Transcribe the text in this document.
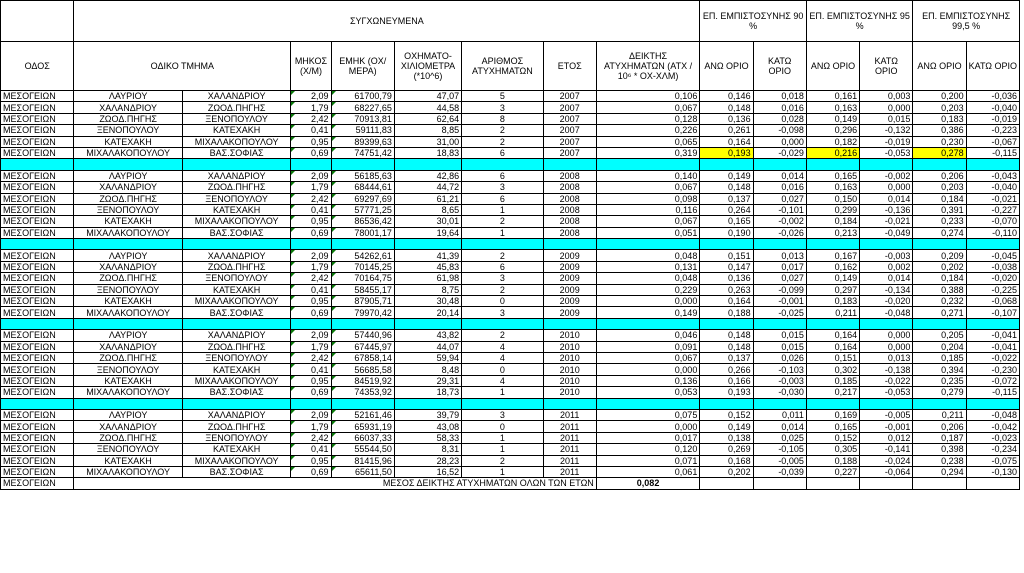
	ΣΥΓΧΩΝΕΥΜΕΝΑ								ΕΠ. ΕΜΠΙΣΤΟΣΥΝΗΣ 90 %		ΕΠ. ΕΜΠΙΣΤΟΣΥΝΗΣ 95 %		ΕΠ. ΕΜΠΙΣΤΟΣΥΝΗΣ 99,5 %	
ΟΔΟΣ	ΟΔΙΚΟ ΤΜΗΜΑ		ΜΗΚΟΣ (Χ/Μ)	ΕΜΗΚ (ΟΧ/ΜΕΡΑ)	ΟΧΗΜΑΤΟ-ΧΙΛΙΟΜΕΤΡΑ (*10^6)	ΑΡΙΘΜΟΣ ΑΤΥΧΗΜΑΤΩΝ	ΕΤΟΣ	ΔΕΙΚΤΗΣ ΑΤΥΧΗΜΑΤΩΝ (ΑΤΧ / 10⁶ * ΟΧ-ΧΛΜ)	ΑΝΩ ΟΡΙΟ	ΚΑΤΩ ΟΡΙΟ	ΑΝΩ ΟΡΙΟ	ΚΑΤΩ ΟΡΙΟ	ΑΝΩ ΟΡΙΟ	ΚΑΤΩ ΟΡΙΟ
ΜΕΣΟΓΕΙΩΝ	ΛΑΥΡΙΟΥ	ΧΑΛΑΝΔΡΙΟΥ	2,09	61700,79	47,07	5	2007	0,106	0,146	0,018	0,161	0,003	0,200	-0,036
ΜΕΣΟΓΕΙΩΝ	ΧΑΛΑΝΔΡΙΟΥ	ΖΩΟΔ.ΠΗΓΗΣ	1,79	68227,65	44,58	3	2007	0,067	0,148	0,016	0,163	0,000	0,203	-0,040
ΜΕΣΟΓΕΙΩΝ	ΖΩΟΔ.ΠΗΓΗΣ	ΞΕΝΟΠΟΥΛΟΥ	2,42	70913,81	62,64	8	2007	0,128	0,136	0,028	0,149	0,015	0,183	-0,019
ΜΕΣΟΓΕΙΩΝ	ΞΕΝΟΠΟΥΛΟΥ	ΚΑΤΕΧΑΚΗ	0,41	59111,83	8,85	2	2007	0,226	0,261	-0,098	0,296	-0,132	0,386	-0,223
ΜΕΣΟΓΕΙΩΝ	ΚΑΤΕΧΑΚΗ	ΜΙΧΑΛΑΚΟΠΟΥΛΟΥ	0,95	89399,63	31,00	2	2007	0,065	0,164	0,000	0,182	-0,019	0,230	-0,067
ΜΕΣΟΓΕΙΩΝ	ΜΙΧΑΛΑΚΟΠΟΥΛΟΥ	ΒΑΣ.ΣΟΦΙΑΣ	0,69	74751,42	18,83	6	2007	0,319	0,193	-0,029	0,216	-0,053	0,278	-0,115

ΜΕΣΟΓΕΙΩΝ	ΛΑΥΡΙΟΥ	ΧΑΛΑΝΔΡΙΟΥ	2,09	56185,63	42,86	6	2008	0,140	0,149	0,014	0,165	-0,002	0,206	-0,043
ΜΕΣΟΓΕΙΩΝ	ΧΑΛΑΝΔΡΙΟΥ	ΖΩΟΔ.ΠΗΓΗΣ	1,79	68444,61	44,72	3	2008	0,067	0,148	0,016	0,163	0,000	0,203	-0,040
ΜΕΣΟΓΕΙΩΝ	ΖΩΟΔ.ΠΗΓΗΣ	ΞΕΝΟΠΟΥΛΟΥ	2,42	69297,69	61,21	6	2008	0,098	0,137	0,027	0,150	0,014	0,184	-0,021
ΜΕΣΟΓΕΙΩΝ	ΞΕΝΟΠΟΥΛΟΥ	ΚΑΤΕΧΑΚΗ	0,41	57771,25	8,65	1	2008	0,116	0,264	-0,101	0,299	-0,136	0,391	-0,227
ΜΕΣΟΓΕΙΩΝ	ΚΑΤΕΧΑΚΗ	ΜΙΧΑΛΑΚΟΠΟΥΛΟΥ	0,95	86536,42	30,01	2	2008	0,067	0,165	-0,002	0,184	-0,021	0,233	-0,070
ΜΕΣΟΓΕΙΩΝ	ΜΙΧΑΛΑΚΟΠΟΥΛΟΥ	ΒΑΣ.ΣΟΦΙΑΣ	0,69	78001,17	19,64	1	2008	0,051	0,190	-0,026	0,213	-0,049	0,274	-0,110

ΜΕΣΟΓΕΙΩΝ	ΛΑΥΡΙΟΥ	ΧΑΛΑΝΔΡΙΟΥ	2,09	54262,61	41,39	2	2009	0,048	0,151	0,013	0,167	-0,003	0,209	-0,045
ΜΕΣΟΓΕΙΩΝ	ΧΑΛΑΝΔΡΙΟΥ	ΖΩΟΔ.ΠΗΓΗΣ	1,79	70145,25	45,83	6	2009	0,131	0,147	0,017	0,162	0,002	0,202	-0,038
ΜΕΣΟΓΕΙΩΝ	ΖΩΟΔ.ΠΗΓΗΣ	ΞΕΝΟΠΟΥΛΟΥ	2,42	70164,75	61,98	3	2009	0,048	0,136	0,027	0,149	0,014	0,184	-0,020
ΜΕΣΟΓΕΙΩΝ	ΞΕΝΟΠΟΥΛΟΥ	ΚΑΤΕΧΑΚΗ	0,41	58455,17	8,75	2	2009	0,229	0,263	-0,099	0,297	-0,134	0,388	-0,225
ΜΕΣΟΓΕΙΩΝ	ΚΑΤΕΧΑΚΗ	ΜΙΧΑΛΑΚΟΠΟΥΛΟΥ	0,95	87905,71	30,48	0	2009	0,000	0,164	-0,001	0,183	-0,020	0,232	-0,068
ΜΕΣΟΓΕΙΩΝ	ΜΙΧΑΛΑΚΟΠΟΥΛΟΥ	ΒΑΣ.ΣΟΦΙΑΣ	0,69	79970,42	20,14	3	2009	0,149	0,188	-0,025	0,211	-0,048	0,271	-0,107

ΜΕΣΟΓΕΙΩΝ	ΛΑΥΡΙΟΥ	ΧΑΛΑΝΔΡΙΟΥ	2,09	57440,96	43,82	2	2010	0,046	0,148	0,015	0,164	0,000	0,205	-0,041
ΜΕΣΟΓΕΙΩΝ	ΧΑΛΑΝΔΡΙΟΥ	ΖΩΟΔ.ΠΗΓΗΣ	1,79	67445,97	44,07	4	2010	0,091	0,148	0,015	0,164	0,000	0,204	-0,041
ΜΕΣΟΓΕΙΩΝ	ΖΩΟΔ.ΠΗΓΗΣ	ΞΕΝΟΠΟΥΛΟΥ	2,42	67858,14	59,94	4	2010	0,067	0,137	0,026	0,151	0,013	0,185	-0,022
ΜΕΣΟΓΕΙΩΝ	ΞΕΝΟΠΟΥΛΟΥ	ΚΑΤΕΧΑΚΗ	0,41	56685,58	8,48	0	2010	0,000	0,266	-0,103	0,302	-0,138	0,394	-0,230
ΜΕΣΟΓΕΙΩΝ	ΚΑΤΕΧΑΚΗ	ΜΙΧΑΛΑΚΟΠΟΥΛΟΥ	0,95	84519,92	29,31	4	2010	0,136	0,166	-0,003	0,185	-0,022	0,235	-0,072
ΜΕΣΟΓΕΙΩΝ	ΜΙΧΑΛΑΚΟΠΟΥΛΟΥ	ΒΑΣ.ΣΟΦΙΑΣ	0,69	74353,92	18,73	1	2010	0,053	0,193	-0,030	0,217	-0,053	0,279	-0,115

ΜΕΣΟΓΕΙΩΝ	ΛΑΥΡΙΟΥ	ΧΑΛΑΝΔΡΙΟΥ	2,09	52161,46	39,79	3	2011	0,075	0,152	0,011	0,169	-0,005	0,211	-0,048
ΜΕΣΟΓΕΙΩΝ	ΧΑΛΑΝΔΡΙΟΥ	ΖΩΟΔ.ΠΗΓΗΣ	1,79	65931,19	43,08	0	2011	0,000	0,149	0,014	0,165	-0,001	0,206	-0,042
ΜΕΣΟΓΕΙΩΝ	ΖΩΟΔ.ΠΗΓΗΣ	ΞΕΝΟΠΟΥΛΟΥ	2,42	66037,33	58,33	1	2011	0,017	0,138	0,025	0,152	0,012	0,187	-0,023
ΜΕΣΟΓΕΙΩΝ	ΞΕΝΟΠΟΥΛΟΥ	ΚΑΤΕΧΑΚΗ	0,41	55544,50	8,31	1	2011	0,120	0,269	-0,105	0,305	-0,141	0,398	-0,234
ΜΕΣΟΓΕΙΩΝ	ΚΑΤΕΧΑΚΗ	ΜΙΧΑΛΑΚΟΠΟΥΛΟΥ	0,95	81415,96	28,23	2	2011	0,071	0,168	-0,005	0,188	-0,024	0,238	-0,075
ΜΕΣΟΓΕΙΩΝ	ΜΙΧΑΛΑΚΟΠΟΥΛΟΥ	ΒΑΣ.ΣΟΦΙΑΣ	0,69	65611,50	16,52	1	2011	0,061	0,202	-0,039	0,227	-0,064	0,294	-0,130
ΜΕΣΟΓΕΙΩΝ	ΜΕΣΟΣ ΔΕΙΚΤΗΣ ΑΤΥΧΗΜΑΤΩΝ ΟΛΩΝ ΤΩΝ ΕΤΩΝ							0,082						
